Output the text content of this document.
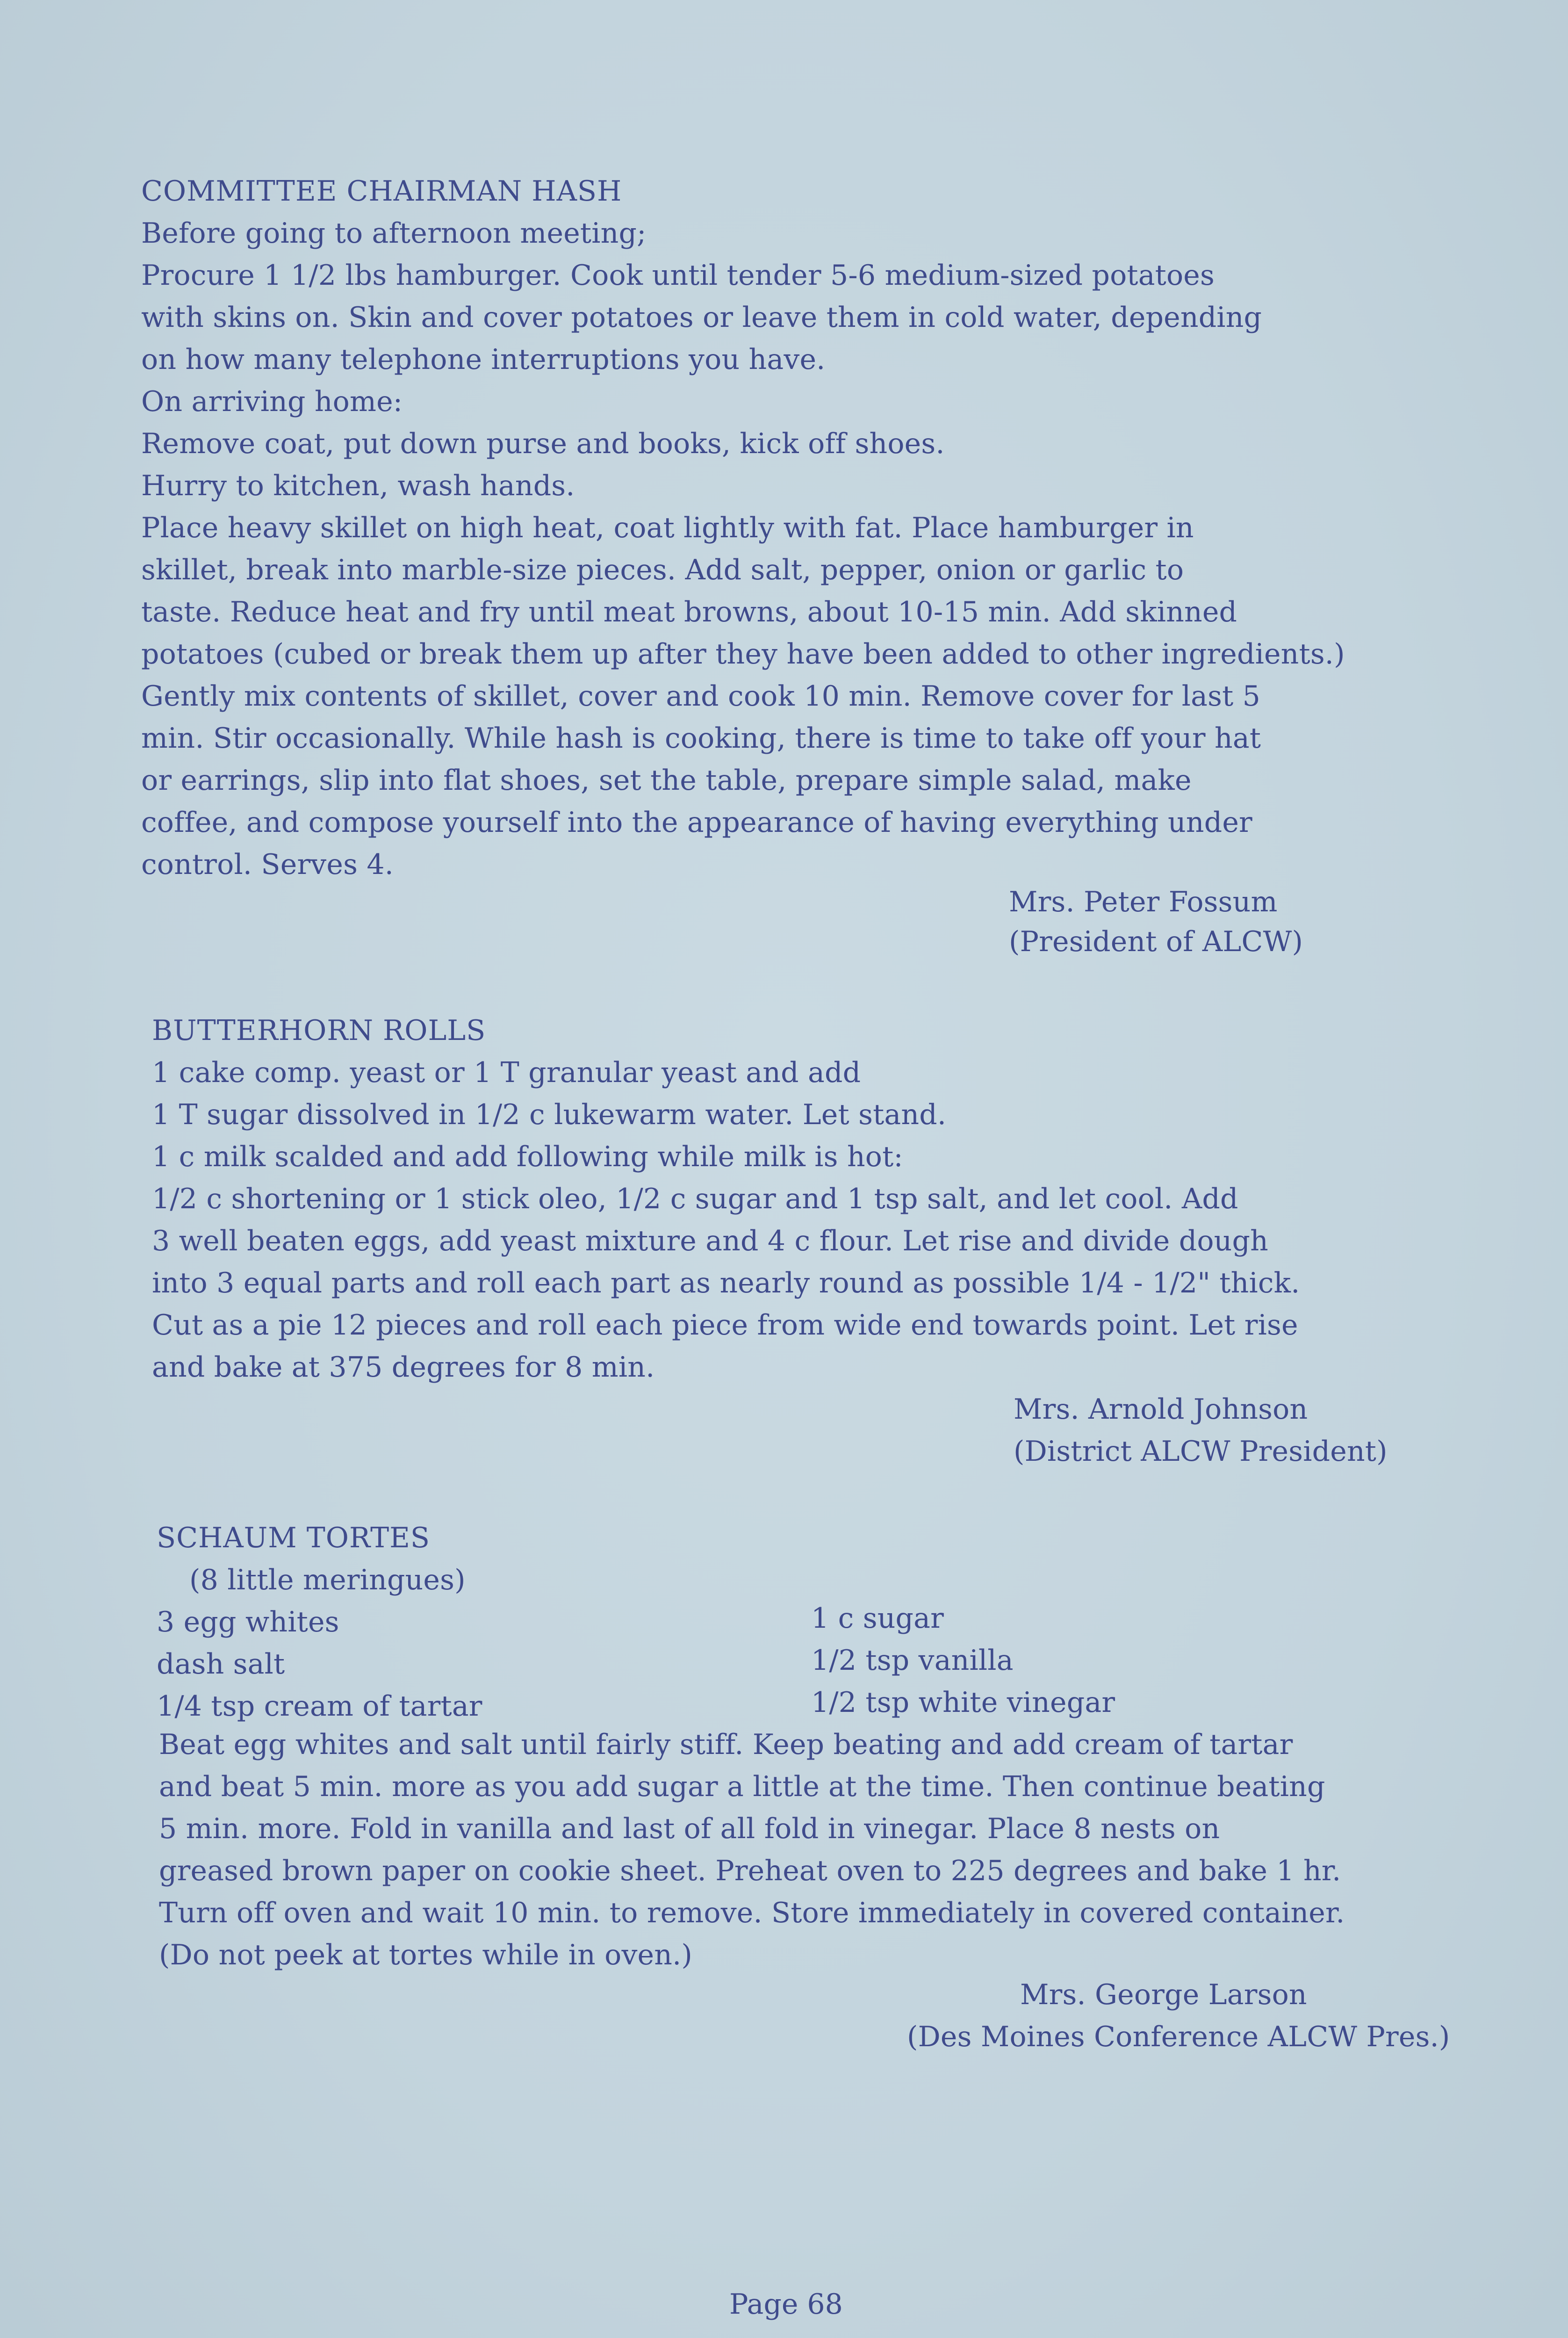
COMMITTEE CHAIRMAN HASH
Before going to afternoon meeting;
Procure 1 1/2 lbs hamburger. Cook until tender 5-6 medium-sized potatoes
with skins on. Skin and cover potatoes or leave them in cold water, depending
on how many telephone interruptions you have.
On arriving home:
Remove coat, put down purse and books, kick off shoes.
Hurry to kitchen, wash hands.
Place heavy skillet on high heat, coat lightly with fat. Place hamburger in
skillet, break into marble-size pieces. Add salt, pepper, onion or garlic to
taste. Reduce heat and fry until meat browns, about 10-15 min. Add skinned
potatoes (cubed or break them up after they have been added to other ingredients.)
Gently mix contents of skillet, cover and cook 10 min. Remove cover for last 5
min. Stir occasionally. While hash is cooking, there is time to take off your hat
or earrings, slip into flat shoes, set the table, prepare simple salad, make
coffee, and compose yourself into the appearance of having everything under
control. Serves 4.
Mrs. Peter Fossum
(President of ALCW)
BUTTERHORN ROLLS
1 cake comp. yeast or 1 T granular yeast and add
1 T sugar dissolved in 1/2 c lukewarm water. Let stand.
1 c milk scalded and add following while milk is hot:
1/2 c shortening or 1 stick oleo, 1/2 c sugar and 1 tsp salt, and let cool. Add
3 well beaten eggs, add yeast mixture and 4 c flour. Let rise and divide dough
into 3 equal parts and roll each part as nearly round as possible 1/4 - 1/2" thick.
Cut as a pie 12 pieces and roll each piece from wide end towards point. Let rise
and bake at 375 degrees for 8 min.
Mrs. Arnold Johnson
(District ALCW President)
SCHAUM TORTES
(8 little meringues)
3 egg whites
dash salt
1/4 tsp cream of tartar
1 c sugar
1/2 tsp vanilla
1/2 tsp white vinegar
Beat egg whites and salt until fairly stiff. Keep beating and add cream of tartar
and beat 5 min. more as you add sugar a little at the time. Then continue beating
5 min. more. Fold in vanilla and last of all fold in vinegar. Place 8 nests on
greased brown paper on cookie sheet. Preheat oven to 225 degrees and bake 1 hr.
Turn off oven and wait 10 min. to remove. Store immediately in covered container.
(Do not peek at tortes while in oven.)
Mrs. George Larson
(Des Moines Conference ALCW Pres.)
Page 68
